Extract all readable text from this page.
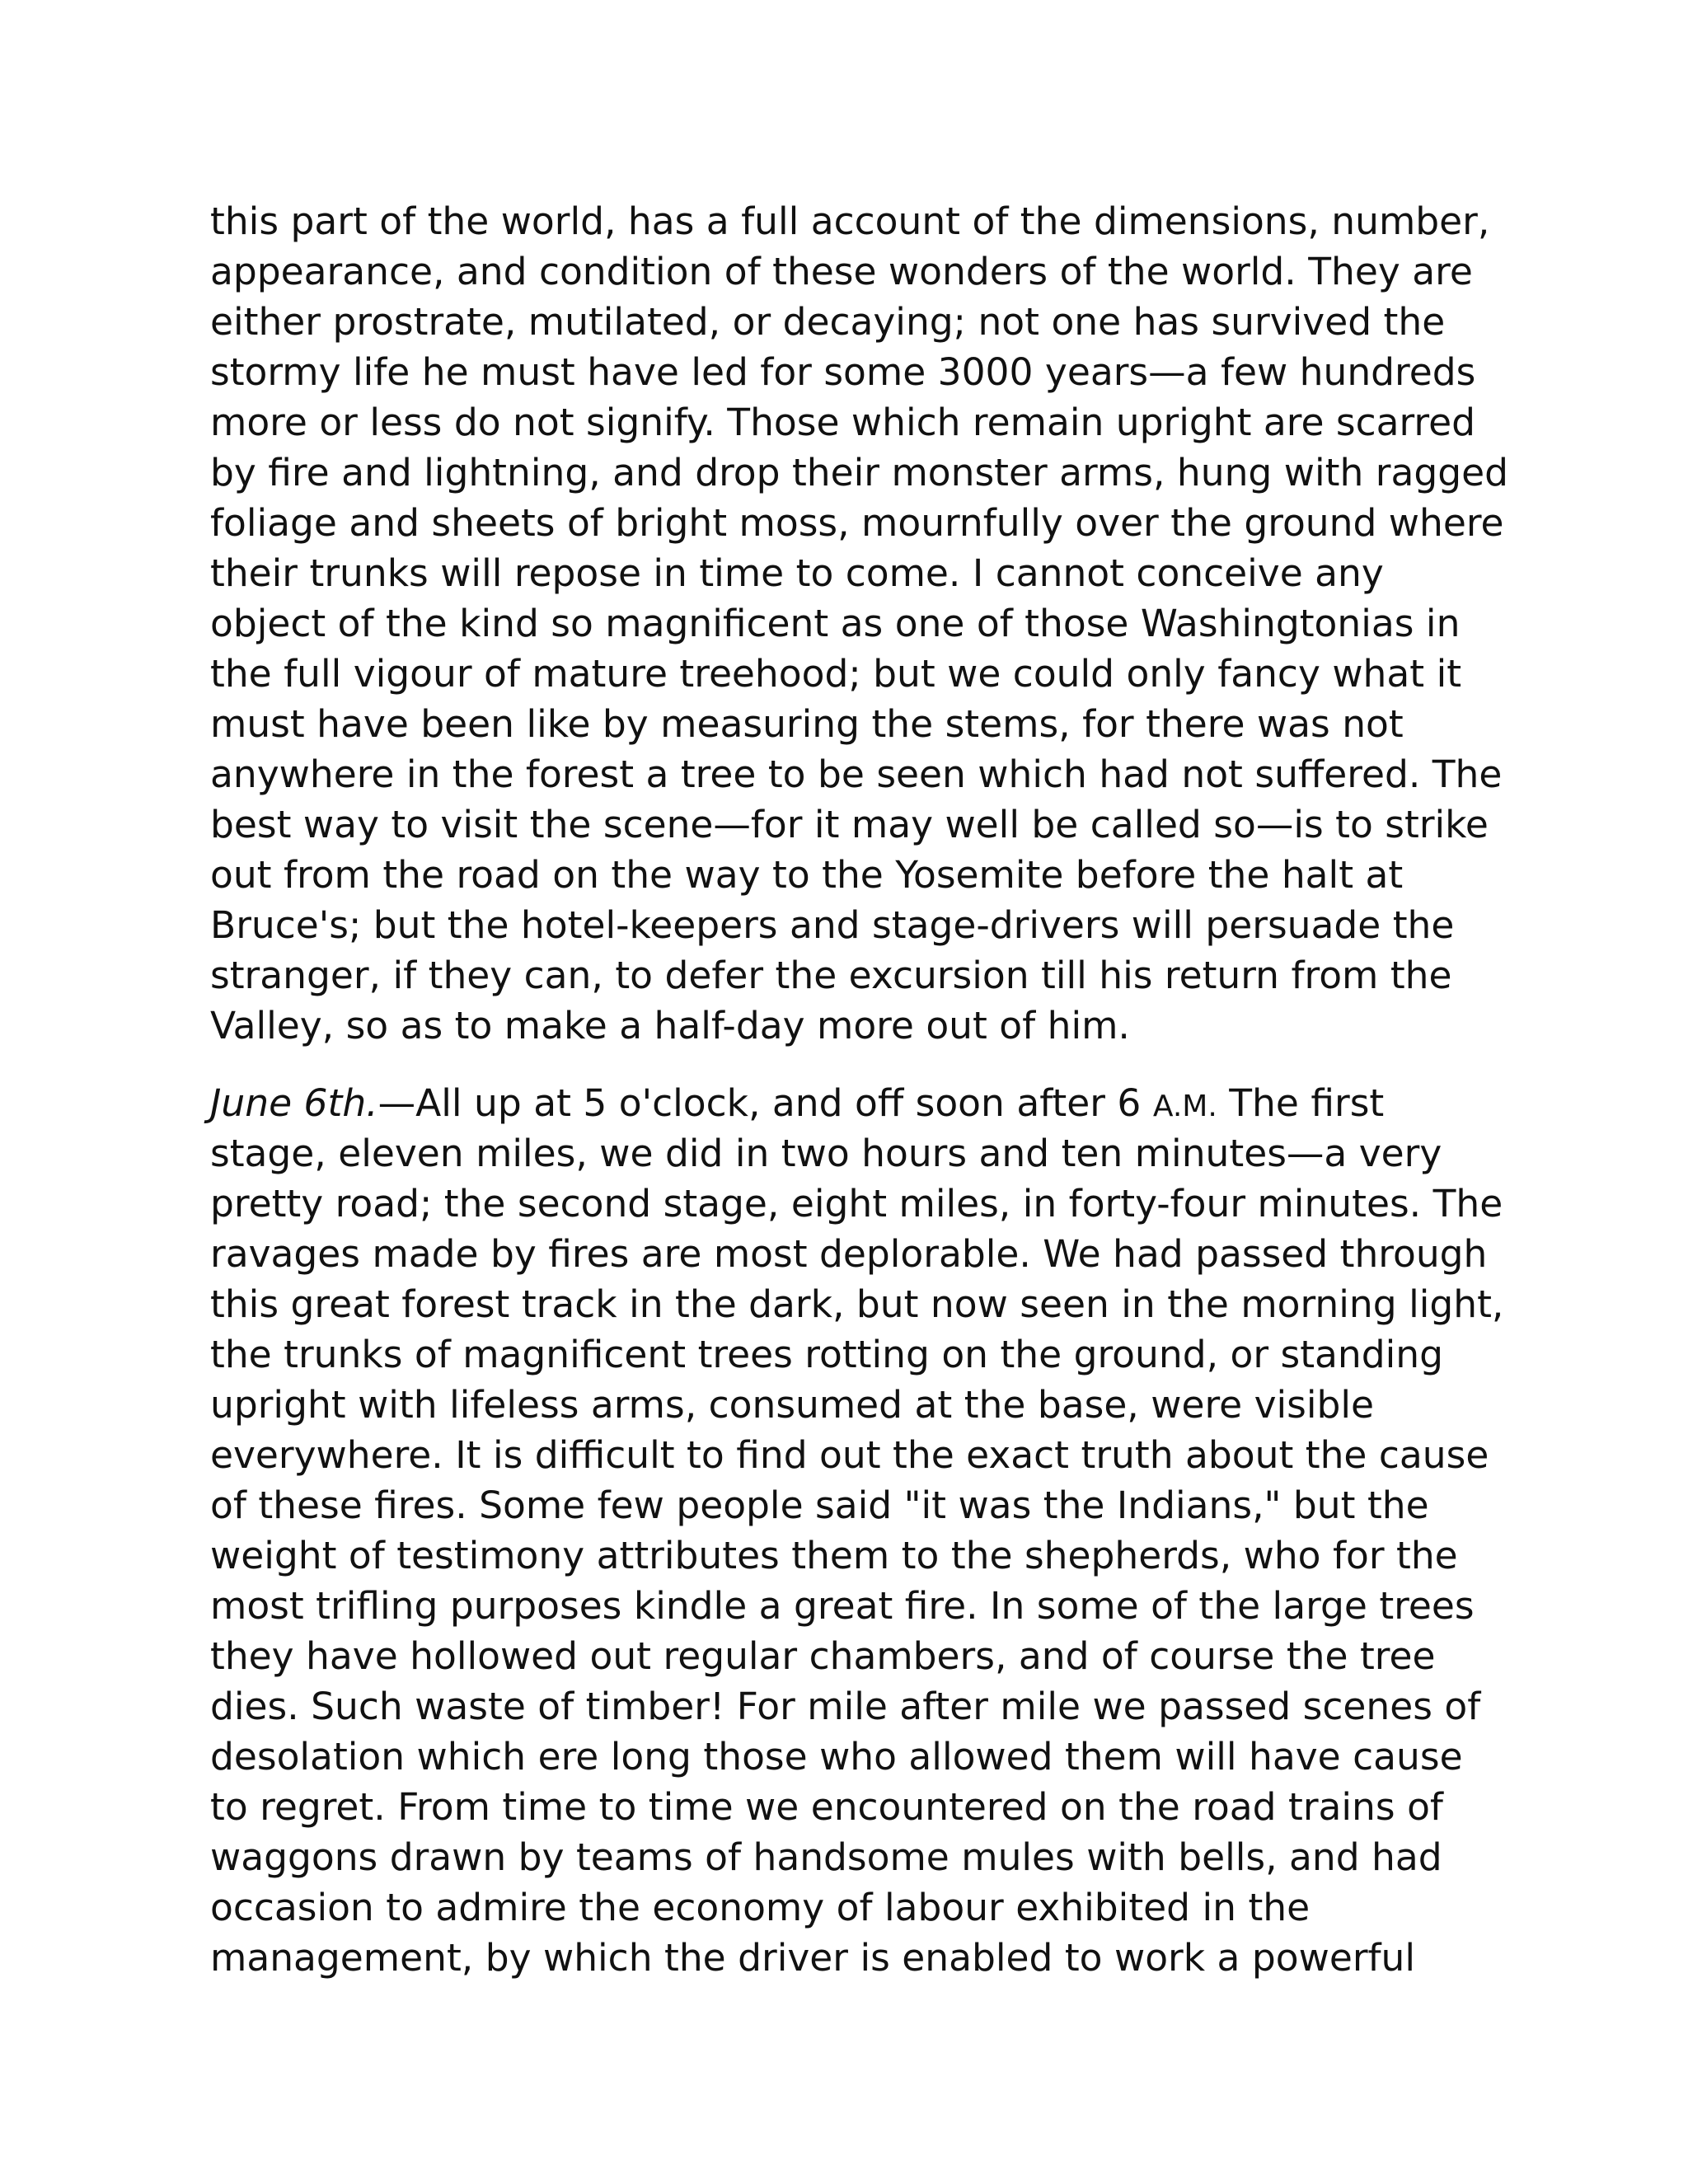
this part of the world, has a full account of the dimensions, number,
appearance, and condition of these wonders of the world. They are
either prostrate, mutilated, or decaying; not one has survived the
stormy life he must have led for some 3000 years—a few hundreds
more or less do not signify. Those which remain upright are scarred
by fire and lightning, and drop their monster arms, hung with ragged
foliage and sheets of bright moss, mournfully over the ground where
their trunks will repose in time to come. I cannot conceive any
object of the kind so magnificent as one of those Washingtonias in
the full vigour of mature treehood; but we could only fancy what it
must have been like by measuring the stems, for there was not
anywhere in the forest a tree to be seen which had not suffered. The
best way to visit the scene—for it may well be called so—is to strike
out from the road on the way to the Yosemite before the halt at
Bruce's; but the hotel-keepers and stage-drivers will persuade the
stranger, if they can, to defer the excursion till his return from the
Valley, so as to make a half-day more out of him.
June 6th.—All up at 5 o'clock, and off soon after 6 A.M. The first
stage, eleven miles, we did in two hours and ten minutes—a very
pretty road; the second stage, eight miles, in forty-four minutes. The
ravages made by fires are most deplorable. We had passed through
this great forest track in the dark, but now seen in the morning light,
the trunks of magnificent trees rotting on the ground, or standing
upright with lifeless arms, consumed at the base, were visible
everywhere. It is difficult to find out the exact truth about the cause
of these fires. Some few people said "it was the Indians," but the
weight of testimony attributes them to the shepherds, who for the
most trifling purposes kindle a great fire. In some of the large trees
they have hollowed out regular chambers, and of course the tree
dies. Such waste of timber! For mile after mile we passed scenes of
desolation which ere long those who allowed them will have cause
to regret. From time to time we encountered on the road trains of
waggons drawn by teams of handsome mules with bells, and had
occasion to admire the economy of labour exhibited in the
management, by which the driver is enabled to work a powerful
